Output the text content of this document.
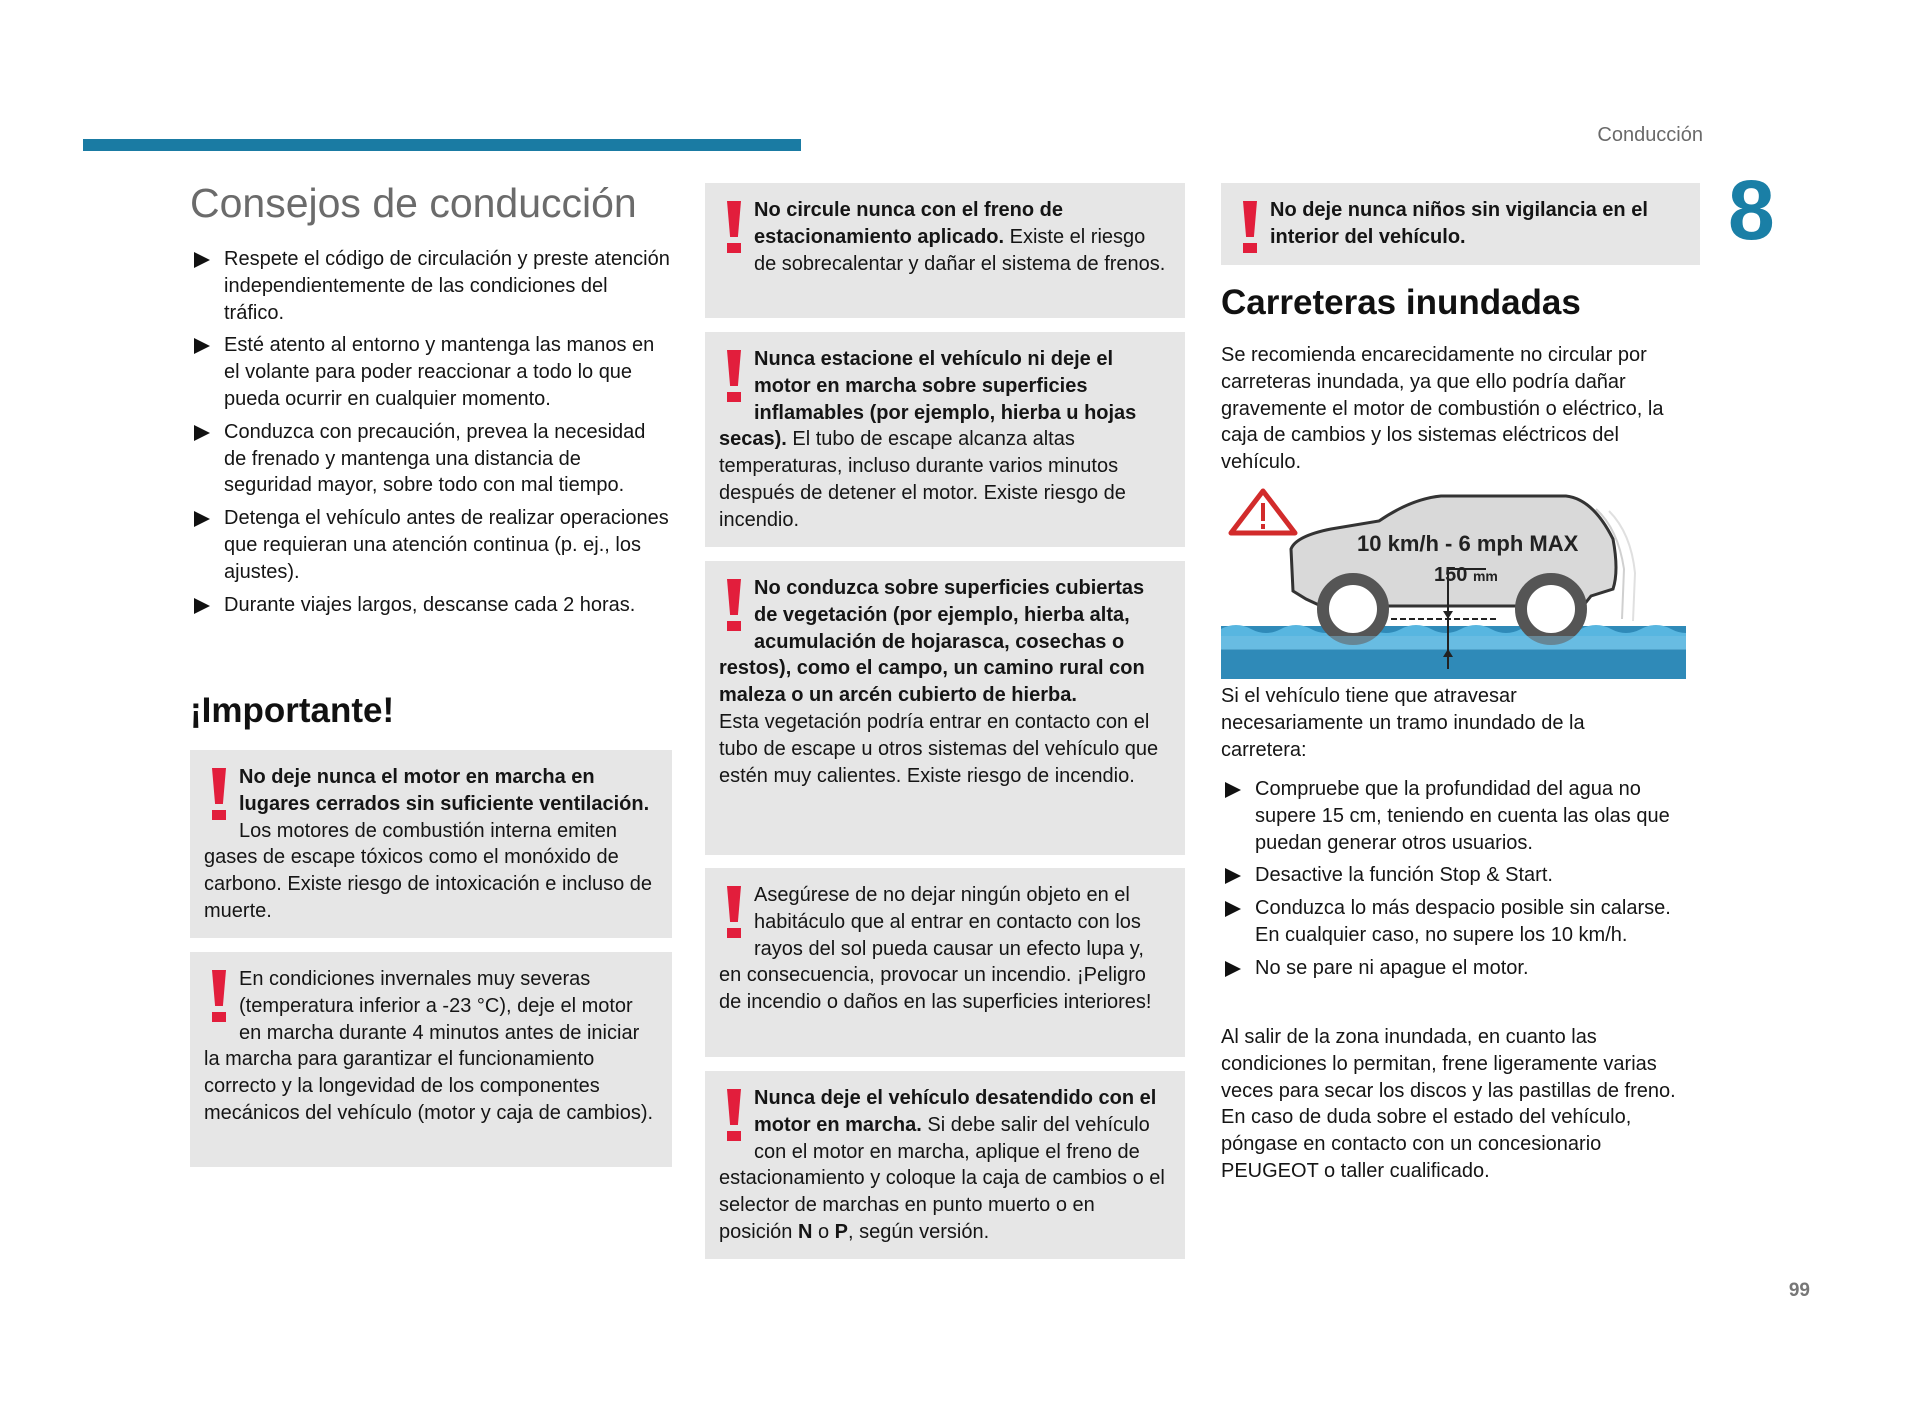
Conducción
8
Consejos de conducción
Respete el código de circulación y preste atención independientemente de las condiciones del tráfico.
Esté atento al entorno y mantenga las manos en el volante para poder reaccionar a todo lo que pueda ocurrir en cualquier momento.
Conduzca con precaución, prevea la necesidad de frenado y mantenga una distancia de seguridad mayor, sobre todo con mal tiempo.
Detenga el vehículo antes de realizar operaciones que requieran una atención continua (p. ej., los ajustes).
Durante viajes largos, descanse cada 2 horas.
¡Importante!
No deje nunca el motor en marcha en lugares cerrados sin suficiente ventilación. Los motores de combustión interna emiten gases de escape tóxicos como el monóxido de carbono. Existe riesgo de intoxicación e incluso de muerte.
En condiciones invernales muy severas (temperatura inferior a -23 °C), deje el motor en marcha durante 4 minutos antes de iniciar la marcha para garantizar el funcionamiento correcto y la longevidad de los componentes mecánicos del vehículo (motor y caja de cambios).
No circule nunca con el freno de estacionamiento aplicado. Existe el riesgo de sobrecalentar y dañar el sistema de frenos.
Nunca estacione el vehículo ni deje el motor en marcha sobre superficies inflamables (por ejemplo, hierba u hojas secas). El tubo de escape alcanza altas temperaturas, incluso durante varios minutos después de detener el motor. Existe riesgo de incendio.
No conduzca sobre superficies cubiertas de vegetación (por ejemplo, hierba alta, acumulación de hojarasca, cosechas o restos), como el campo, un camino rural con maleza o un arcén cubierto de hierba.
Esta vegetación podría entrar en contacto con el tubo de escape u otros sistemas del vehículo que estén muy calientes. Existe riesgo de incendio.
Asegúrese de no dejar ningún objeto en el habitáculo que al entrar en contacto con los rayos del sol pueda causar un efecto lupa y, en consecuencia, provocar un incendio. ¡Peligro de incendio o daños en las superficies interiores!
Nunca deje el vehículo desatendido con el motor en marcha. Si debe salir del vehículo con el motor en marcha, aplique el freno de estacionamiento y coloque la caja de cambios o el selector de marchas en punto muerto o en posición N o P, según versión.
No deje nunca niños sin vigilancia en el interior del vehículo.
Carreteras inundadas
Se recomienda encarecidamente no circular por carreteras inundada, ya que ello podría dañar gravemente el motor de combustión o eléctrico, la caja de cambios y los sistemas eléctricos del vehículo.
10 km/h - 6 mph MAX
150 mm
Si el vehículo tiene que atravesar necesariamente un tramo inundado de la carretera:
Compruebe que la profundidad del agua no supere 15 cm, teniendo en cuenta las olas que puedan generar otros usuarios.
Desactive la función Stop & Start.
Conduzca lo más despacio posible sin calarse. En cualquier caso, no supere los 10 km/h.
No se pare ni apague el motor.
Al salir de la zona inundada, en cuanto las condiciones lo permitan, frene ligeramente varias veces para secar los discos y las pastillas de freno.
En caso de duda sobre el estado del vehículo, póngase en contacto con un concesionario PEUGEOT o taller cualificado.
99
